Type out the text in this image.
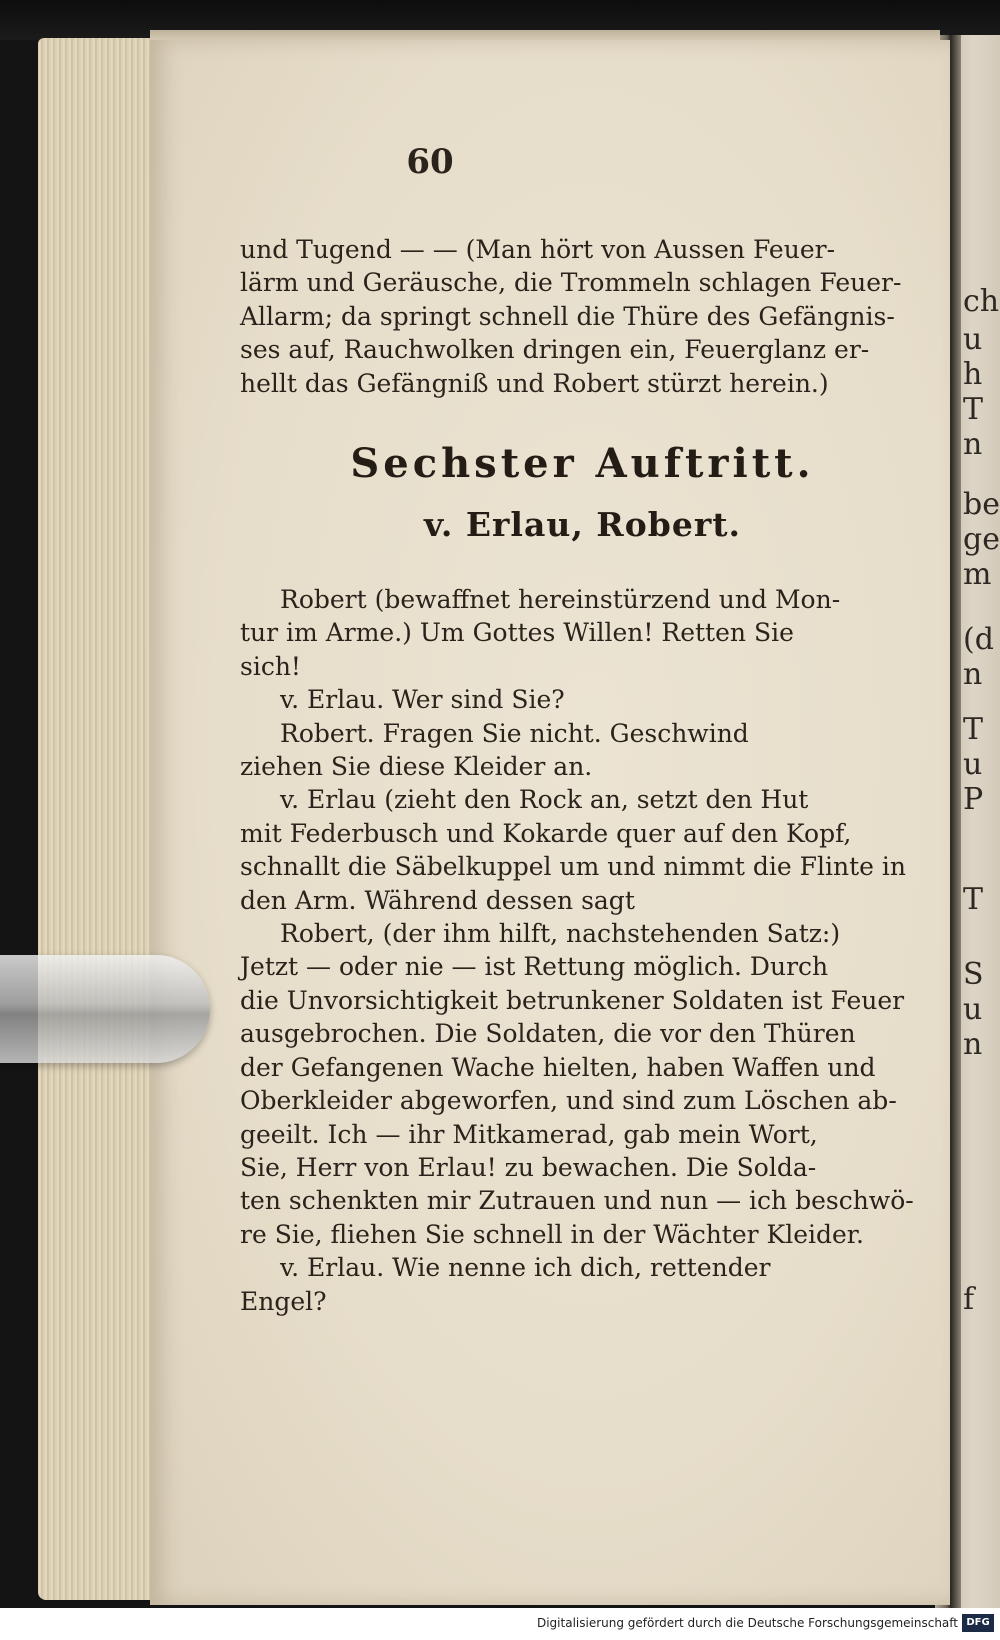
ch
u
h
T
n
be
ge
m
(d
n
T
u
P
T
S
u
n
f
60

und Tugend — — (Man hört von Aussen Feuer-

lärm und Geräusche, die Trommeln schlagen Feuer-

Allarm; da springt schnell die Thüre des Gefängnis-

ses auf, Rauchwolken dringen ein, Feuerglanz er-

hellt das Gefängniß und Robert stürzt herein.)

Sechster Auftritt.
v. Erlau, Robert.

Robert (bewaffnet hereinstürzend und Mon-

tur im Arme.) Um Gottes Willen! Retten Sie

sich!

v. Erlau. Wer sind Sie?

Robert. Fragen Sie nicht. Geschwind

ziehen Sie diese Kleider an.

v. Erlau (zieht den Rock an, setzt den Hut

mit Federbusch und Kokarde quer auf den Kopf,

schnallt die Säbelkuppel um und nimmt die Flinte in

den Arm. Während dessen sagt

Robert, (der ihm hilft, nachstehenden Satz:)

Jetzt — oder nie — ist Rettung möglich. Durch

die Unvorsichtigkeit betrunkener Soldaten ist Feuer

ausgebrochen. Die Soldaten, die vor den Thüren

der Gefangenen Wache hielten, haben Waffen und

Oberkleider abgeworfen, und sind zum Löschen ab-

geeilt. Ich — ihr Mitkamerad, gab mein Wort,

Sie, Herr von Erlau! zu bewachen. Die Solda-

ten schenkten mir Zutrauen und nun — ich beschwö-

re Sie, fliehen Sie schnell in der Wächter Kleider.

v. Erlau. Wie nenne ich dich, rettender

Engel?

Digitalisierung gefördert durch die Deutsche Forschungsgemeinschaft DFG
